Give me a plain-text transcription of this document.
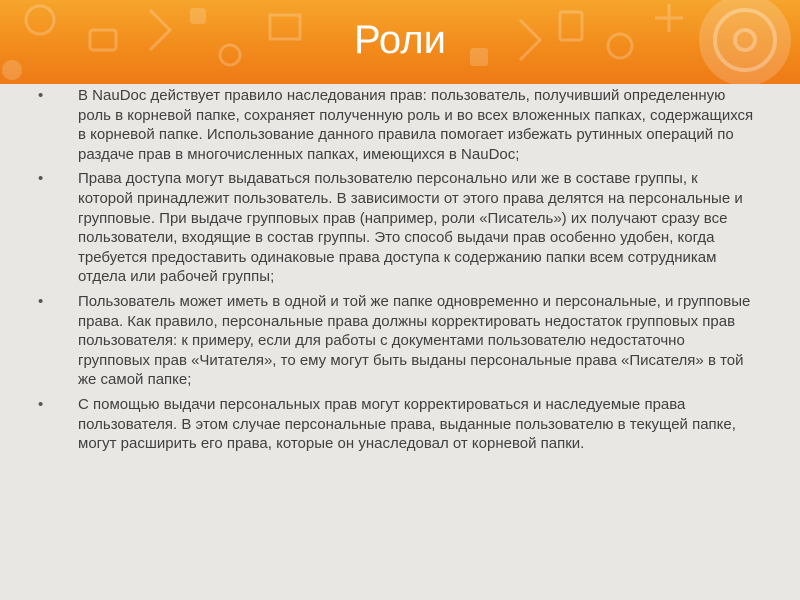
Роли
•	В NauDoc действует правило наследования прав: пользователь, получивший определенную роль в корневой папке, сохраняет полученную роль и во всех вложенных папках, содержащихся в корневой папке. Использование данного правила помогает избежать рутинных операций по раздаче прав в многочисленных папках, имеющихся в NauDoc;
•	Права доступа могут выдаваться пользователю персонально или же в составе группы, к которой принадлежит пользователь. В зависимости от этого права делятся на персональные и групповые. При выдаче групповых прав (например, роли «Писатель») их получают сразу все пользователи, входящие в состав группы. Это способ выдачи прав особенно удобен, когда требуется предоставить одинаковые права доступа к содержанию папки всем сотрудникам отдела или рабочей группы;
•	Пользователь может иметь в одной и той же папке одновременно и персональные, и групповые права. Как правило, персональные права должны корректировать недостаток групповых прав пользователя: к примеру, если для работы с документами пользователю недостаточно групповых прав «Читателя», то ему могут быть выданы персональные права «Писателя» в той же самой папке;
•	С помощью выдачи персональных прав могут корректироваться и наследуемые права пользователя. В этом случае персональные права, выданные пользователю в текущей папке, могут расширить его права, которые он унаследовал от корневой папки.
